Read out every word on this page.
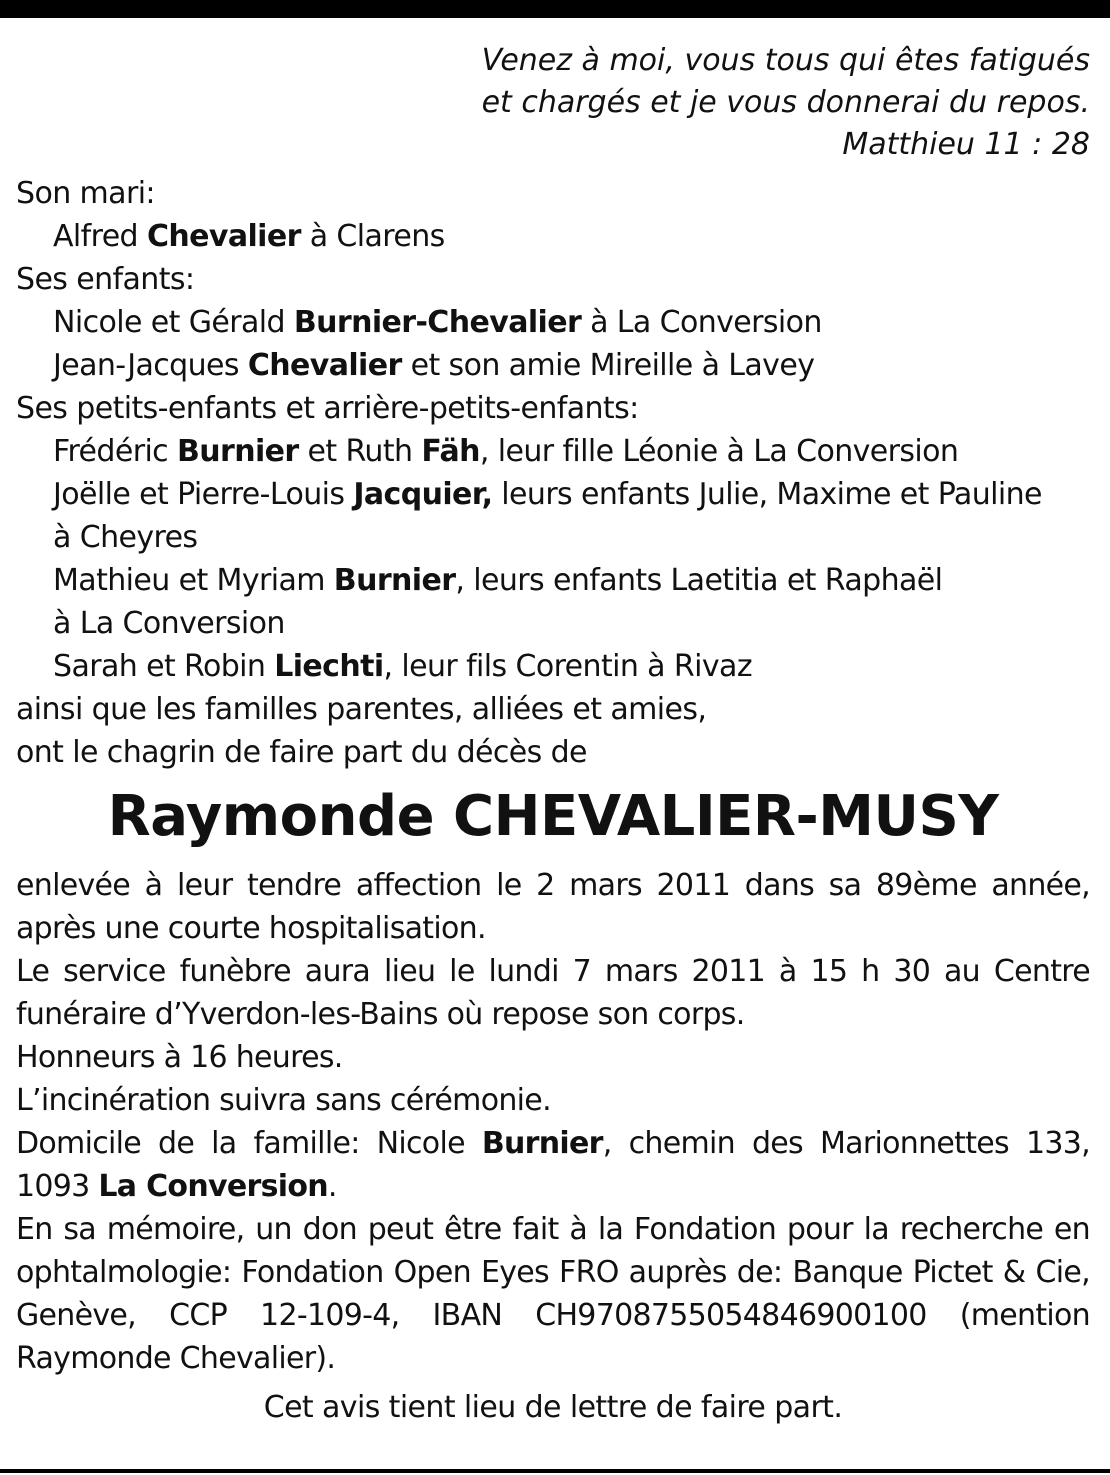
Venez à moi, vous tous qui êtes fatigués
et chargés et je vous donnerai du repos.
Matthieu 11 : 28
Son mari:
Alfred Chevalier à Clarens
Ses enfants:
Nicole et Gérald Burnier-Chevalier à La Conversion
Jean-Jacques Chevalier et son amie Mireille à Lavey
Ses petits-enfants et arrière-petits-enfants:
Frédéric Burnier et Ruth Fäh, leur fille Léonie à La Conversion
Joëlle et Pierre-Louis Jacquier, leurs enfants Julie, Maxime et Pauline
à Cheyres
Mathieu et Myriam Burnier, leurs enfants Laetitia et Raphaël
à La Conversion
Sarah et Robin Liechti, leur fils Corentin à Rivaz
ainsi que les familles parentes, alliées et amies,
ont le chagrin de faire part du décès de
Raymonde CHEVALIER-MUSY

enlevée à leur tendre affection le 2 mars 2011 dans sa 89ème année, après une courte hospitalisation.

Le service funèbre aura lieu le lundi 7 mars 2011 à 15 h 30 au Centre funéraire d’Yverdon-les-Bains où repose son corps.

Honneurs à 16 heures.

L’incinération suivra sans cérémonie.

Domicile de la famille: Nicole Burnier, chemin des Marionnettes 133, 1093 La Conversion.

En sa mémoire, un don peut être fait à la Fondation pour la recherche en ophtalmologie: Fondation Open Eyes FRO auprès de: Banque Pictet & Cie, Genève, CCP 12-109-4, IBAN CH9708755054846900100 (mention Raymonde Chevalier).

Cet avis tient lieu de lettre de faire part.
